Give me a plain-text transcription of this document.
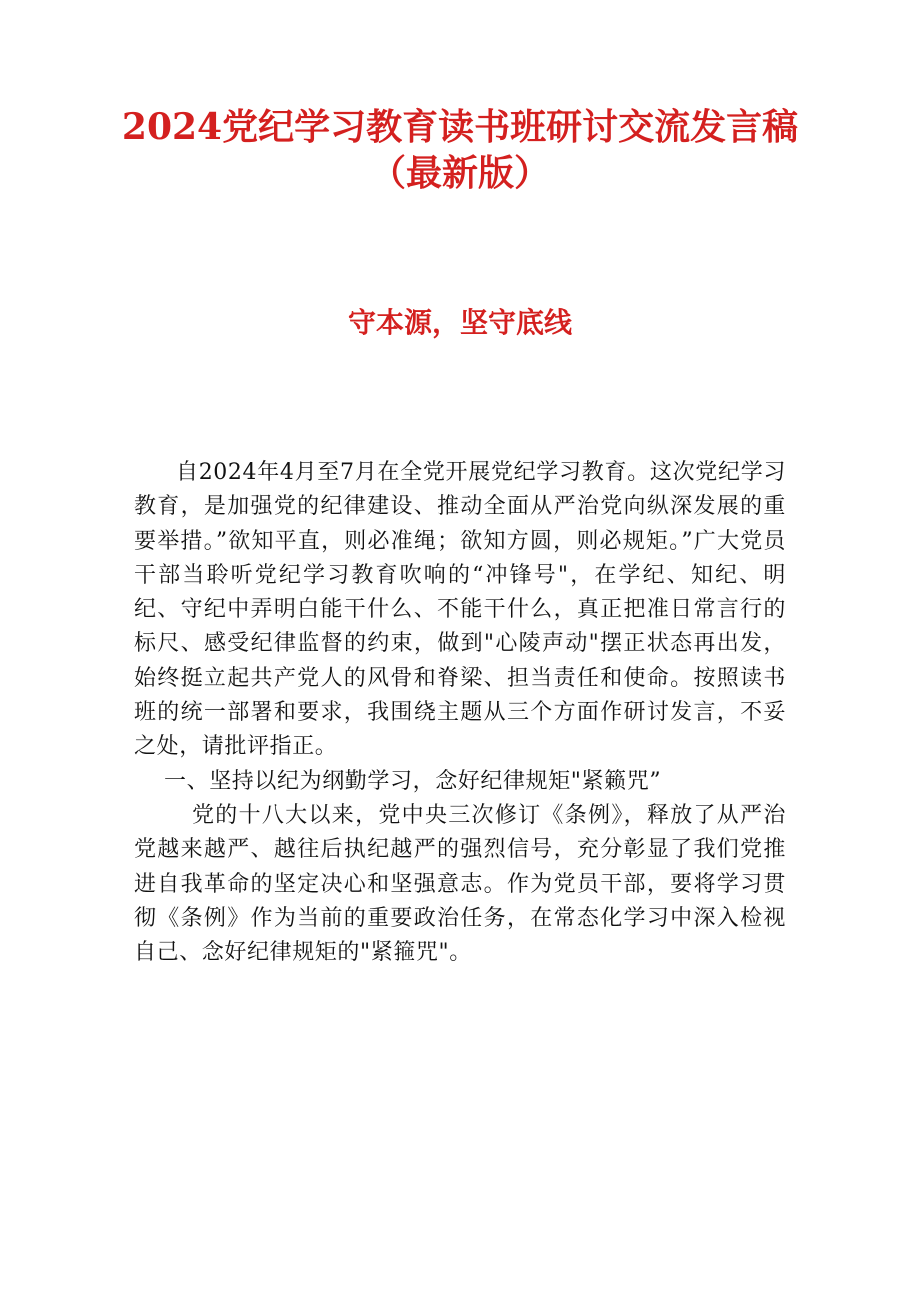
2024党纪学习教育读书班研讨交流发言稿（最新版）
守本源，坚守底线

自2024年4月至7月在全党开展党纪学习教育。这次党纪学习教育，是加强党的纪律建设、推动全面从严治党向纵深发展的重要举措。”欲知平直，则必准绳；欲知方圆，则必规矩。”广大党员干部当聆听党纪学习教育吹响的“冲锋号"，在学纪、知纪、明纪、守纪中弄明白能干什么、不能干什么，真正把准日常言行的标尺、感受纪律监督的约束，做到"心陵声动"摆正状态再出发，始终挺立起共产党人的风骨和脊梁、担当责任和使命。按照读书班的统一部署和要求，我围绕主题从三个方面作研讨发言，不妥之处，请批评指正。

一、坚持以纪为纲勤学习，念好纪律规矩"紧籁咒”

党的十八大以来，党中央三次修订《条例》，释放了从严治党越来越严、越往后执纪越严的强烈信号，充分彰显了我们党推进自我革命的坚定决心和坚强意志。作为党员干部，要将学习贯彻《条例》作为当前的重要政治任务，在常态化学习中深入检视自己、念好纪律规矩的"紧箍咒"。
